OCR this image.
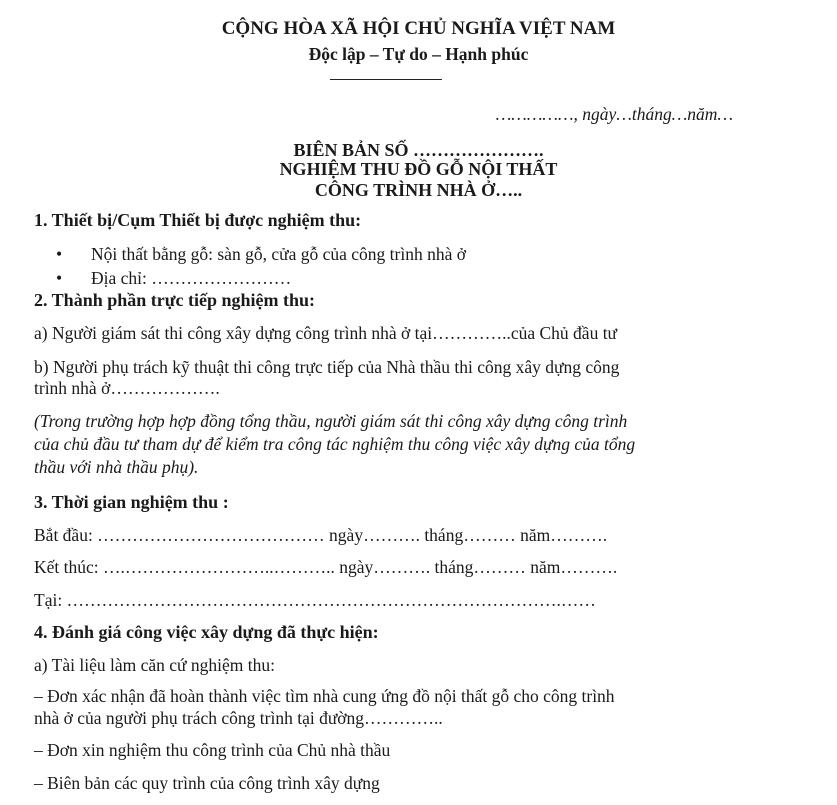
CỘNG HÒA XÃ HỘI CHỦ NGHĨA VIỆT NAM
Độc lập – Tự do – Hạnh phúc
……………, ngày…tháng…năm…
BIÊN BẢN SỐ ………………….
NGHIỆM THU ĐỒ GỖ NỘI THẤT
CÔNG TRÌNH NHÀ Ở…..
1. Thiết bị/Cụm Thiết bị được nghiệm thu:
• Nội thất bằng gỗ: sàn gỗ, cửa gỗ của công trình nhà ở
• Địa chỉ: ……………………
2. Thành phần trực tiếp nghiệm thu:
a) Người giám sát thi công xây dựng công trình nhà ở tại…………..của Chủ đầu tư
b) Người phụ trách kỹ thuật thi công trực tiếp của Nhà thầu thi công xây dựng công
trình nhà ở……………….
(Trong trường hợp hợp đồng tổng thầu, người giám sát thi công xây dựng công trình
của chủ đầu tư tham dự để kiểm tra công tác nghiệm thu công việc xây dựng của tổng
thầu với nhà thầu phụ).
3. Thời gian nghiệm thu :
Bắt đầu: ………………………………… ngày………. tháng……… năm……….
Kết thúc: ….……………………..……….. ngày………. tháng……… năm……….
Tại: ………………………………………………………………………….……
4. Đánh giá công việc xây dựng đã thực hiện:
a) Tài liệu làm căn cứ nghiệm thu:
– Đơn xác nhận đã hoàn thành việc tìm nhà cung ứng đồ nội thất gỗ cho công trình
nhà ở của người phụ trách công trình tại đường…………..
– Đơn xin nghiệm thu công trình của Chủ nhà thầu
– Biên bản các quy trình của công trình xây dựng
